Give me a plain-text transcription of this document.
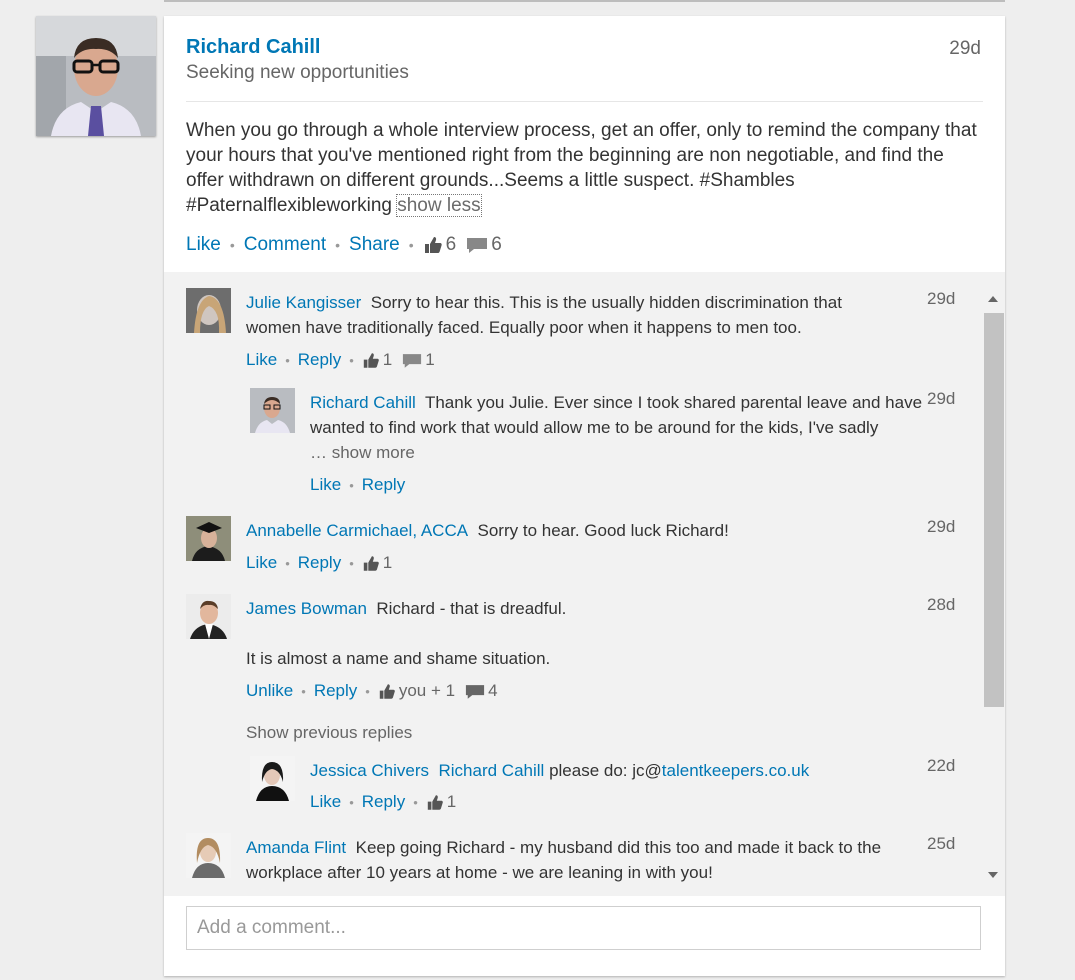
Richard Cahill
Seeking new opportunities
29d
When you go through a whole interview process, get an offer, only to remind the company that your hours that you've mentioned right from the beginning are non negotiable, and find the offer withdrawn on different grounds...Seems a little suspect. #Shambles #Paternalflexibleworking show less
Like • Comment • Share • 6 6
Julie Kangisser Sorry to hear this. This is the usually hidden discrimination that women have traditionally faced. Equally poor when it happens to men too.
29d
Like • Reply • 1 1
Richard Cahill Thank you Julie. Ever since I took shared parental leave and have wanted to find work that would allow me to be around for the kids, I've sadly
… show more
29d
Like • Reply
Annabelle Carmichael, ACCA Sorry to hear. Good luck Richard!	29d
Like • Reply • 1
James Bowman Richard - that is dreadful.
It is almost a name and shame situation.
28d
Unlike • Reply • you + 1 4
Show previous replies
Jessica Chivers Richard Cahill please do: jc@talentkeepers.co.uk	22d
Like • Reply • 1
Amanda Flint Keep going Richard - my husband did this too and made it back to the workplace after 10 years at home - we are leaning in with you!
25d
Add a comment...
